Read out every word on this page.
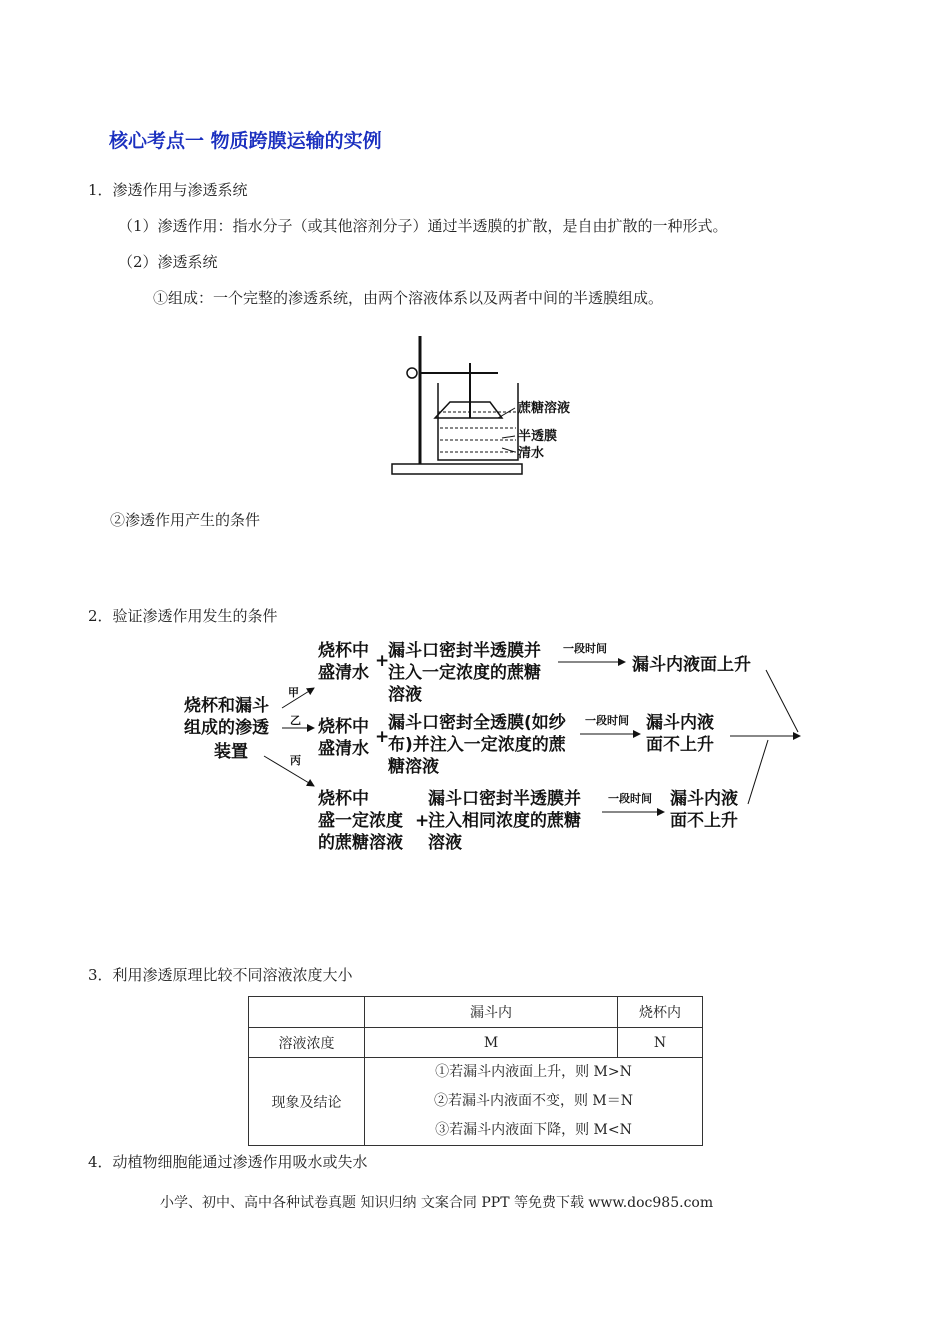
核心考点一 物质跨膜运输的实例
1．渗透作用与渗透系统
（1）渗透作用：指水分子（或其他溶剂分子）通过半透膜的扩散，是自由扩散的一种形式。
（2）渗透系统
①组成：一个完整的渗透系统，由两个溶液体系以及两者中间的半透膜组成。
蔗糖溶液
半透膜
清水
②渗透作用产生的条件
2．验证渗透作用发生的条件
烧杯和漏斗
组成的渗透
装置
甲
乙
丙
烧杯中
盛清水
+
漏斗口密封半透膜并
注入一定浓度的蔗糖
溶液
一段时间
漏斗内液面上升
烧杯中
盛清水
+
漏斗口密封全透膜(如纱
布)并注入一定浓度的蔗
糖溶液
一段时间 漏斗内液
面不上升
烧杯中
盛一定浓度
的蔗糖溶液
+
漏斗口密封半透膜并
注入相同浓度的蔗糖
溶液
一段时间 漏斗内液
面不上升
3．利用渗透原理比较不同溶液浓度大小
	漏斗内	烧杯内
溶液浓度	M	N
现象及结论	①若漏斗内液面上升，则 M>N
②若漏斗内液面不变，则 M＝N
③若漏斗内液面下降，则 M<N	
4．动植物细胞能通过渗透作用吸水或失水
小学、初中、高中各种试卷真题 知识归纳 文案合同 PPT 等免费下载 www.doc985.com
